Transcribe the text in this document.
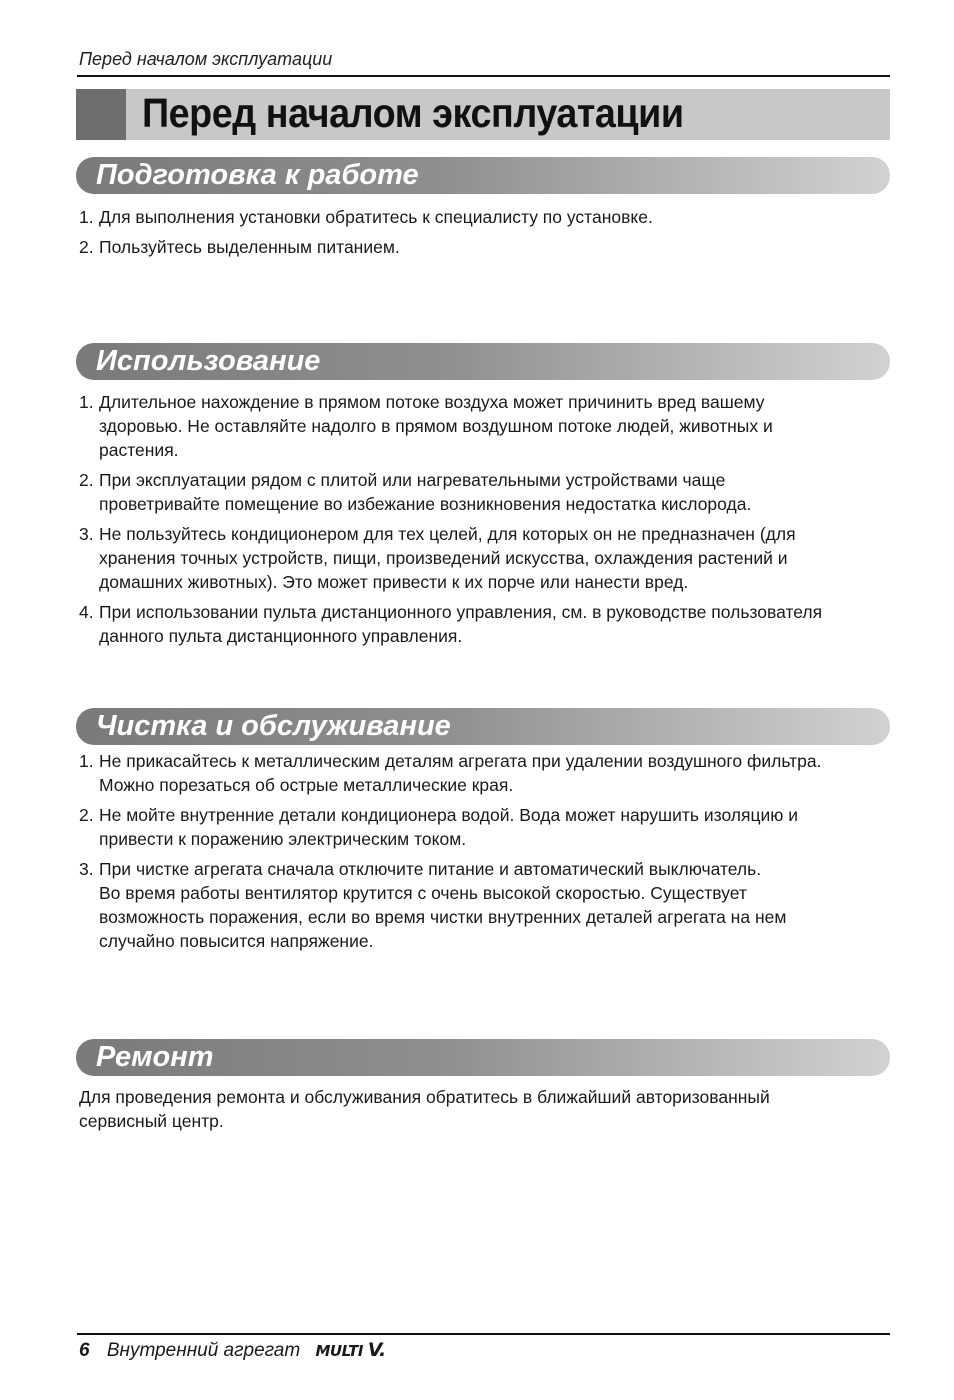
Перед началом эксплуатации
Перед началом эксплуатации
Подготовка к работе
1. Для выполнения установки обратитесь к специалисту по установке.
2. Пользуйтесь выделенным питанием.
Использование
1. Длительное нахождение в прямом потоке воздуха может причинить вред вашему
здоровью. Не оставляйте надолго в прямом воздушном потоке людей, животных и
растения.
2. При эксплуатации рядом с плитой или нагревательными устройствами чаще
проветривайте помещение во избежание возникновения недостатка кислорода.
3. Не пользуйтесь кондиционером для тех целей, для которых он не предназначен (для
хранения точных устройств, пищи, произведений искусства, охлаждения растений и
домашних животных). Это может привести к их порче или нанести вред.
4. При использовании пульта дистанционного управления, см. в руководстве пользователя
данного пульта дистанционного управления.
Чистка и обслуживание
1. Не прикасайтесь к металлическим деталям агрегата при удалении воздушного фильтра.
Можно порезаться об острые металлические края.
2. Не мойте внутренние детали кондиционера водой. Вода может нарушить изоляцию и
привести к поражению электрическим током.
3. При чистке агрегата сначала отключите питание и автоматический выключатель.
Во время работы вентилятор крутится с очень высокой скоростью. Существует
возможность поражения, если во время чистки внутренних деталей агрегата на нем
случайно повысится напряжение.
Ремонт
Для проведения ремонта и обслуживания обратитесь в ближайший авторизованный
сервисный центр.
6 Внутренний агрегат MULTI V.
